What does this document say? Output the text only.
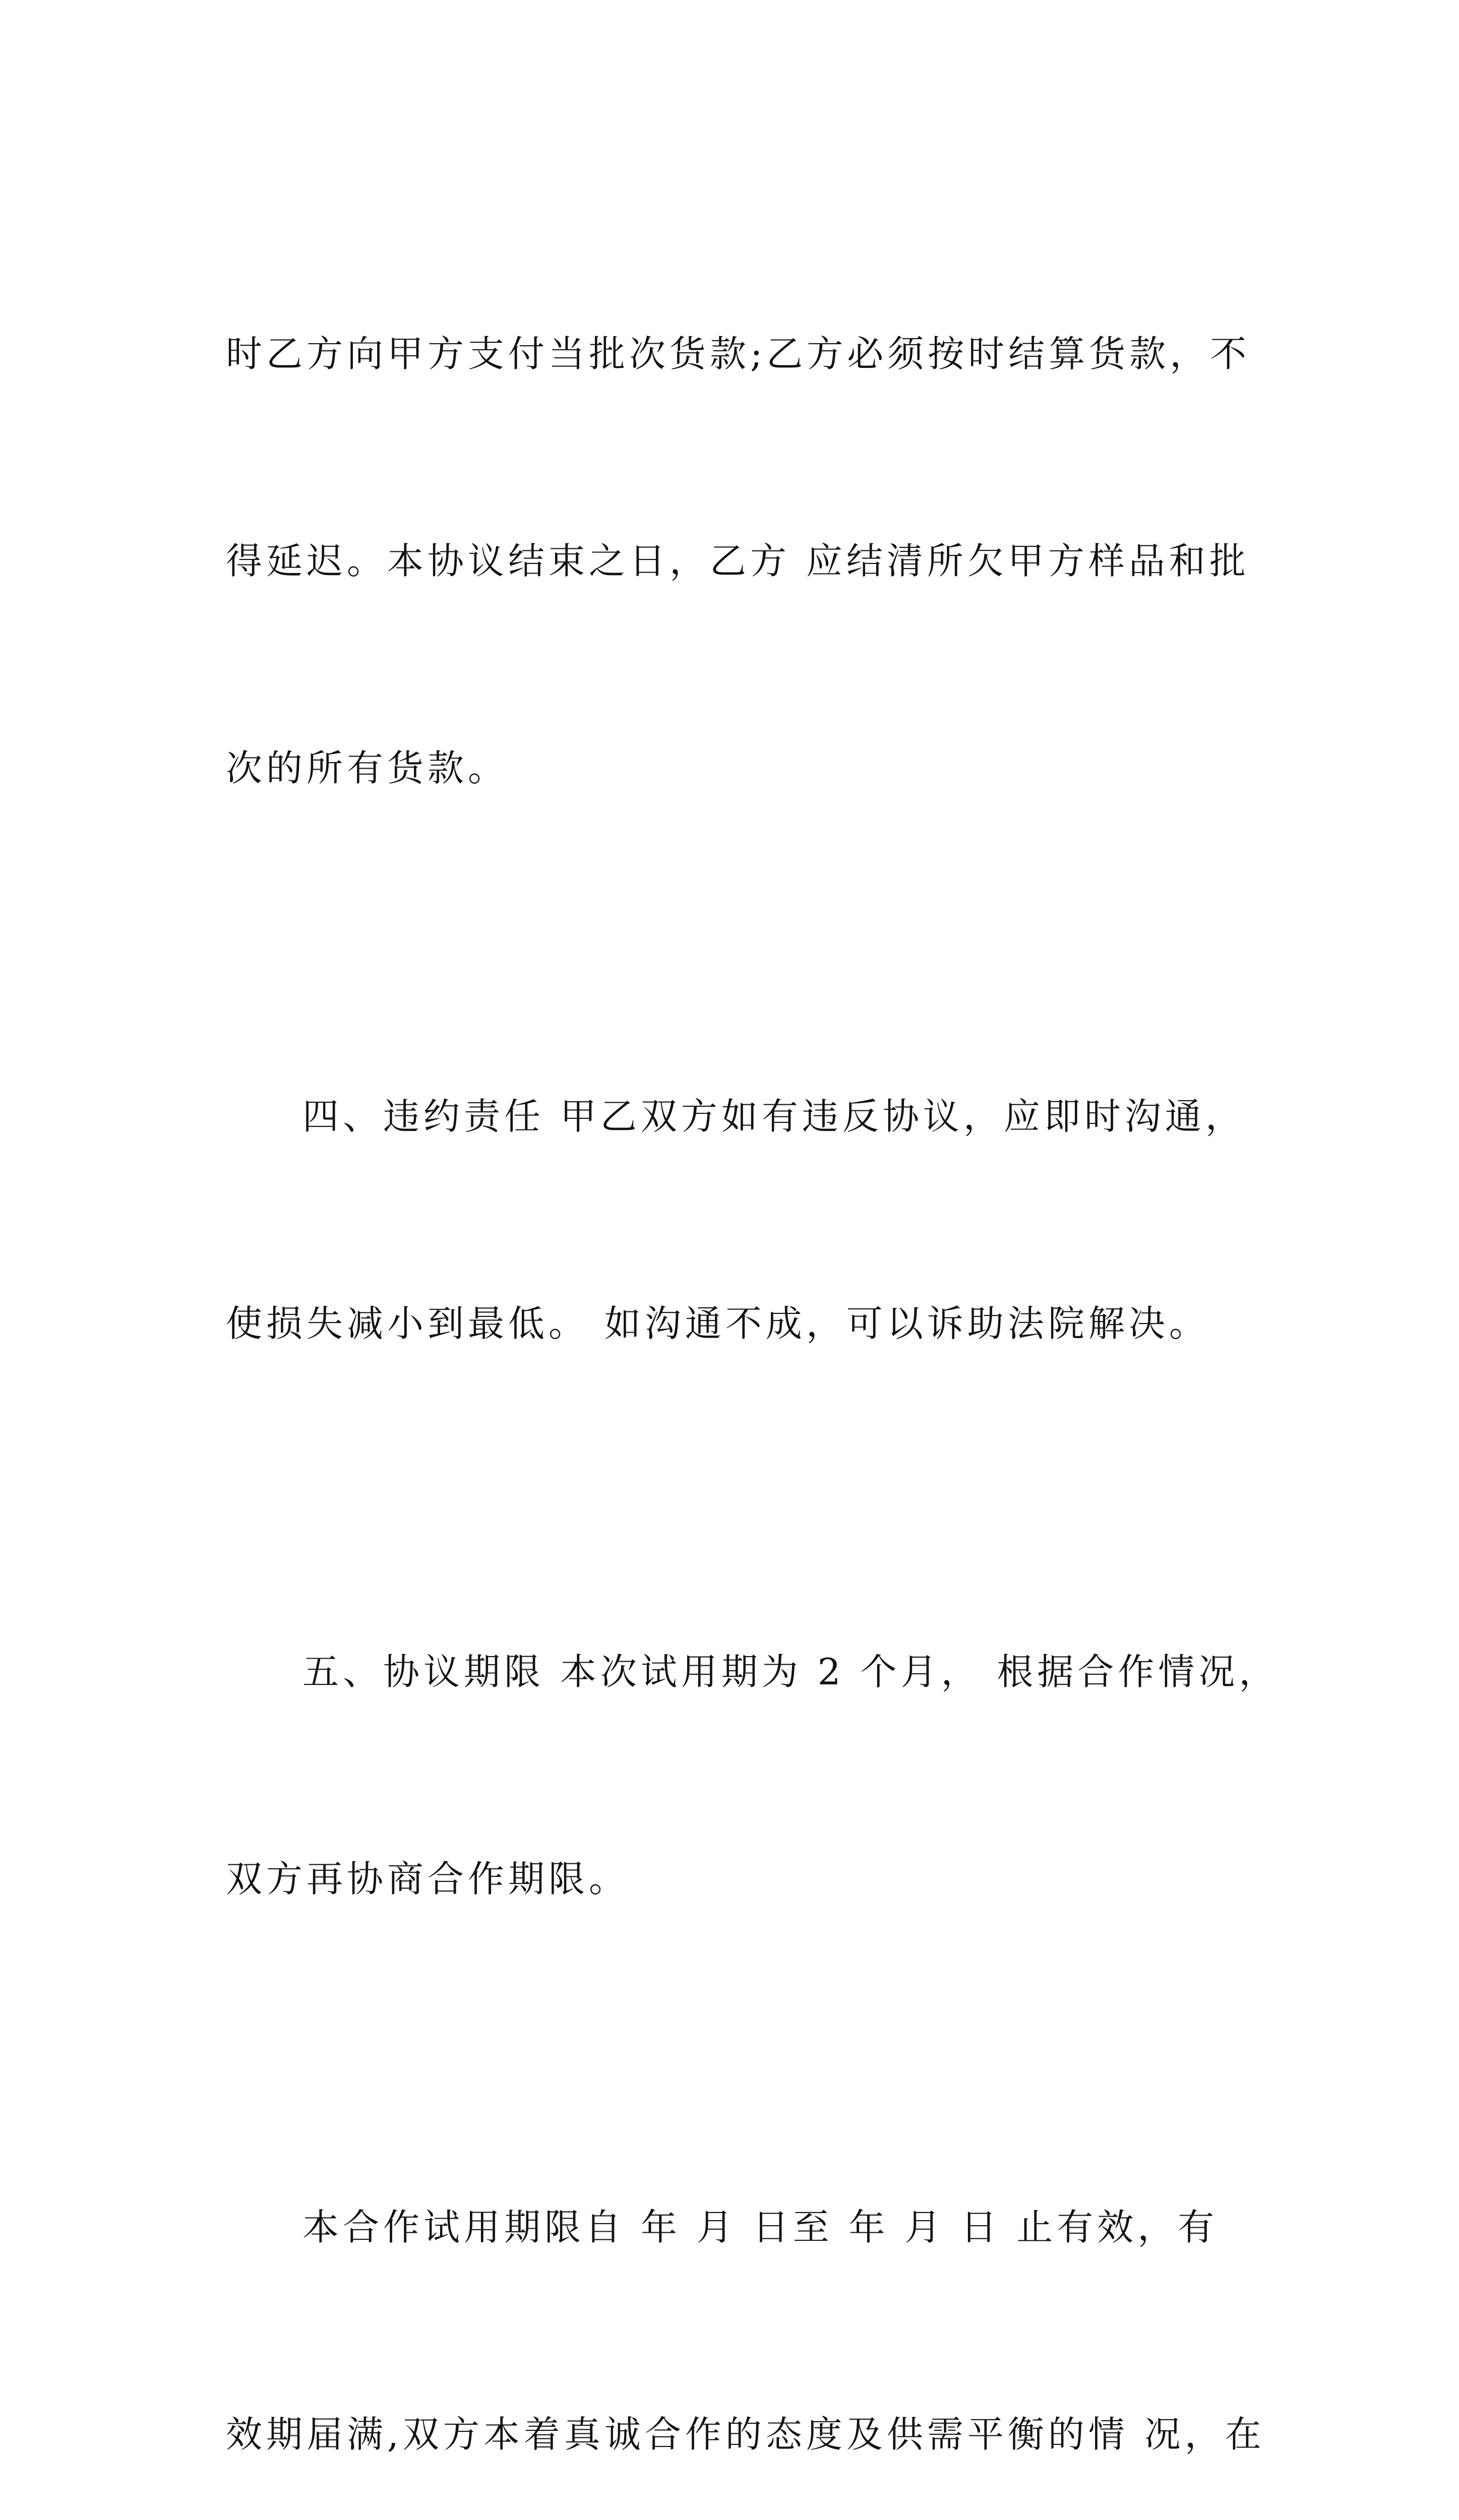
时乙方向甲方支付当批次货款;乙方必须按时结算货款，不

得延迟。本协议结束之日，乙方 应结清所欠甲方样品和批

次的所有货款。

四、违约责任 甲乙双方如有违反协议，应即时沟通，

使损失减小到最低。 如沟通不成，可以诉助法院解决。

五、协议期限 本次试用期为 2 个月， 根据合作情况，

双方再协商合作期限。

本合作试用期限自 年 月 日至 年 月 日 止有效，有

效期届满,双方本着真诚合作的态度及供需平衡的情 况，在
